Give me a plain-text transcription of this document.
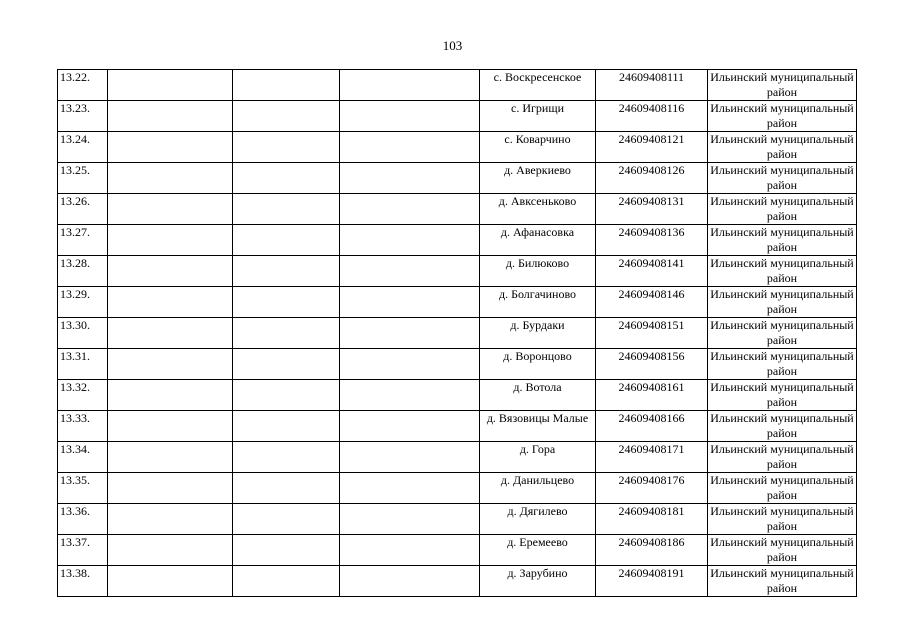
103
13.22.				с. Воскресенское	24609408111	Ильинский муниципальный район
13.23.				с. Игрищи	24609408116	Ильинский муниципальный район
13.24.				с. Коварчино	24609408121	Ильинский муниципальный район
13.25.				д. Аверкиево	24609408126	Ильинский муниципальный район
13.26.				д. Авксеньково	24609408131	Ильинский муниципальный район
13.27.				д. Афанасовка	24609408136	Ильинский муниципальный район
13.28.				д. Билюково	24609408141	Ильинский муниципальный район
13.29.				д. Болгачиново	24609408146	Ильинский муниципальный район
13.30.				д. Бурдаки	24609408151	Ильинский муниципальный район
13.31.				д. Воронцово	24609408156	Ильинский муниципальный район
13.32.				д. Вотола	24609408161	Ильинский муниципальный район
13.33.				д. Вязовицы Малые	24609408166	Ильинский муниципальный район
13.34.				д. Гора	24609408171	Ильинский муниципальный район
13.35.				д. Данильцево	24609408176	Ильинский муниципальный район
13.36.				д. Дягилево	24609408181	Ильинский муниципальный район
13.37.				д. Еремеево	24609408186	Ильинский муниципальный район
13.38.				д. Зарубино	24609408191	Ильинский муниципальный район
